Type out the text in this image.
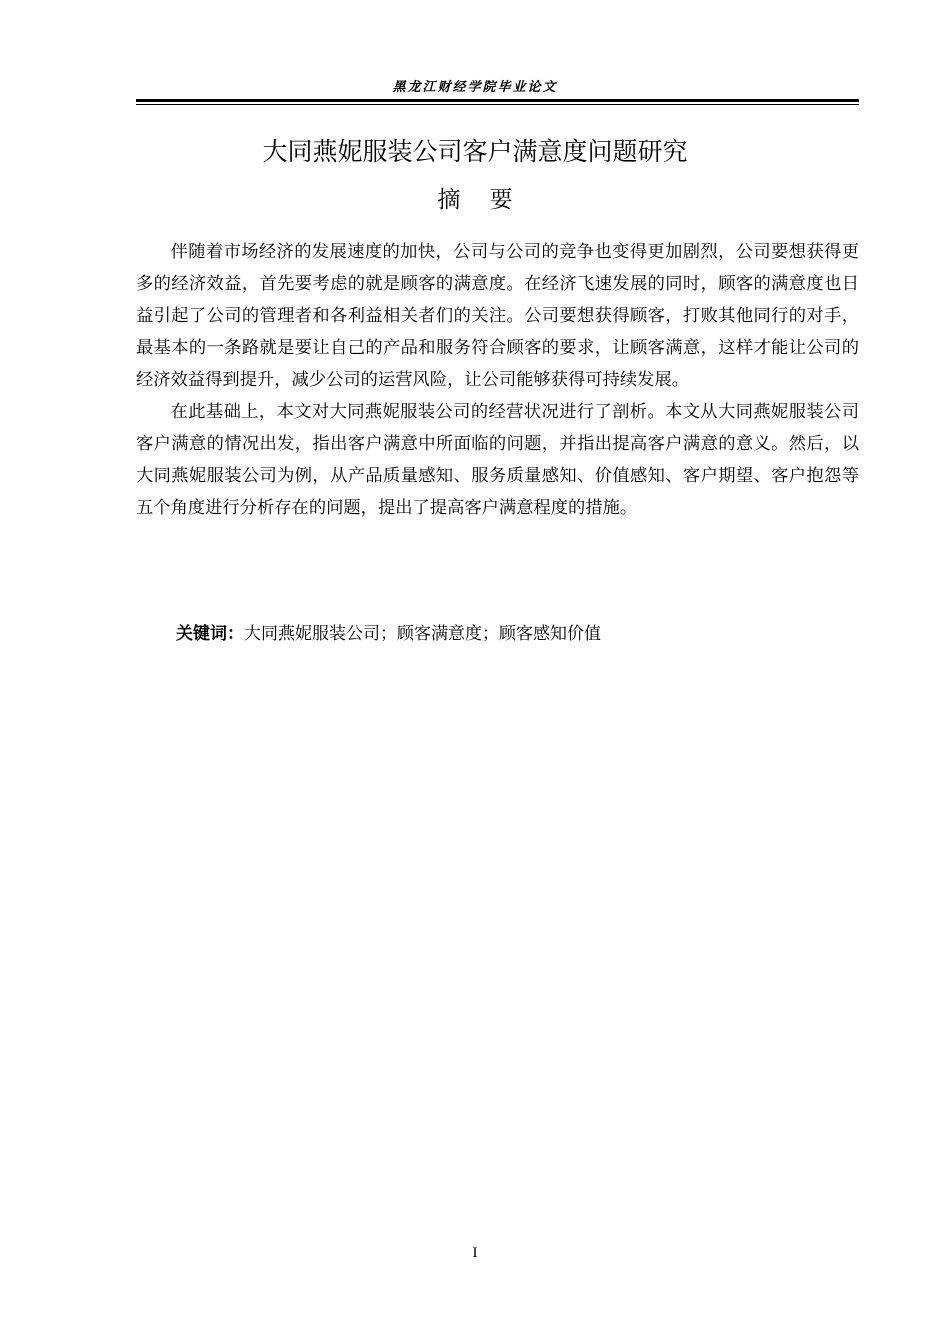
黑龙江财经学院毕业论文
大同燕妮服装公司客户满意度问题研究
摘    要

伴随着市场经济的发展速度的加快，公司与公司的竞争也变得更加剧烈，公司要想获得更多的经济效益，首先要考虑的就是顾客的满意度。在经济飞速发展的同时，顾客的满意度也日益引起了公司的管理者和各利益相关者们的关注。公司要想获得顾客，打败其他同行的对手，最基本的一条路就是要让自己的产品和服务符合顾客的要求，让顾客满意，这样才能让公司的经济效益得到提升，减少公司的运营风险，让公司能够获得可持续发展。

在此基础上，本文对大同燕妮服装公司的经营状况进行了剖析。本文从大同燕妮服装公司客户满意的情况出发，指出客户满意中所面临的问题，并指出提高客户满意的意义。然后，以大同燕妮服装公司为例，从产品质量感知、服务质量感知、价值感知、客户期望、客户抱怨等五个角度进行分析存在的问题，提出了提高客户满意程度的措施。

关键词：大同燕妮服装公司；顾客满意度；顾客感知价值
I
